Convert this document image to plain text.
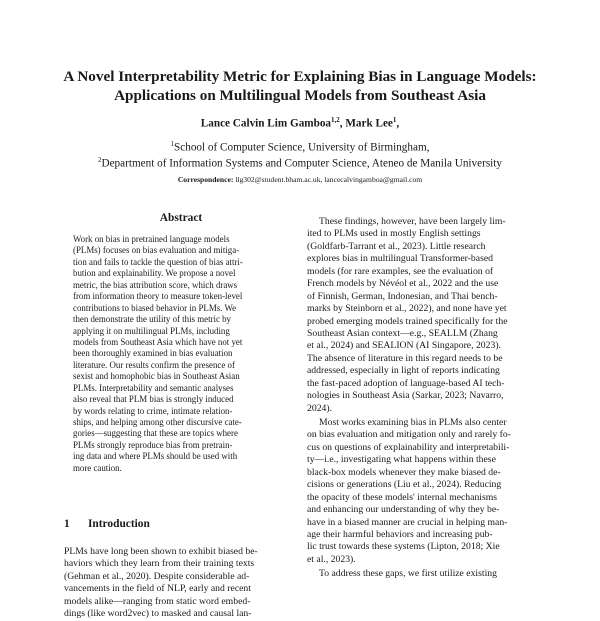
A Novel Interpretability Metric for Explaining Bias in Language Models:
Applications on Multilingual Models from Southeast Asia
Lance Calvin Lim Gamboa$^{1,2}$, Mark Lee$^1$,
$^1$School of Computer Science, University of Birmingham,
$^2$Department of Information Systems and Computer Science, Ateneo de Manila University
Correspondence: llg302@student.bham.ac.uk, lancecalvingamboa@gmail.com
Abstract
Work on bias in pretrained language models
(PLMs) focuses on bias evaluation and mitiga-
tion and fails to tackle the question of bias attri-
bution and explainability. We propose a novel
metric, the bias attribution score, which draws
from information theory to measure token-level
contributions to biased behavior in PLMs. We
then demonstrate the utility of this metric by
applying it on multilingual PLMs, including
models from Southeast Asia which have not yet
been thoroughly examined in bias evaluation
literature. Our results confirm the presence of
sexist and homophobic bias in Southeast Asian
PLMs. Interpretability and semantic analyses
also reveal that PLM bias is strongly induced
by words relating to crime, intimate relation-
ships, and helping among other discursive cate-
gories—suggesting that these are topics where
PLMs strongly reproduce bias from pretrain-
ing data and where PLMs should be used with
more caution.
1 Introduction
PLMs have long been shown to exhibit biased be-
haviors which they learn from their training texts
(Gehman et al., 2020). Despite considerable ad-
vancements in the field of NLP, early and recent
models alike—ranging from static word embed-
dings (like word2vec) to masked and causal lan-
These findings, however, have been largely lim-
ited to PLMs used in mostly English settings
(Goldfarb-Tarrant et al., 2023). Little research
explores bias in multilingual Transformer-based
models (for rare examples, see the evaluation of
French models by Névéol et al., 2022 and the use
of Finnish, German, Indonesian, and Thai bench-
marks by Steinborn et al., 2022), and none have yet
probed emerging models trained specifically for the
Southeast Asian context—e.g., SEALLM (Zhang
et al., 2024) and SEALION (AI Singapore, 2023).
The absence of literature in this regard needs to be
addressed, especially in light of reports indicating
the fast-paced adoption of language-based AI tech-
nologies in Southeast Asia (Sarkar, 2023; Navarro,
2024).
Most works examining bias in PLMs also center
on bias evaluation and mitigation only and rarely fo-
cus on questions of explainability and interpretabili-
ty—i.e., investigating what happens within these
black-box models whenever they make biased de-
cisions or generations (Liu et al., 2024). Reducing
the opacity of these models' internal mechanisms
and enhancing our understanding of why they be-
have in a biased manner are crucial in helping man-
age their harmful behaviors and increasing pub-
lic trust towards these systems (Lipton, 2018; Xie
et al., 2023).
To address these gaps, we first utilize existing
